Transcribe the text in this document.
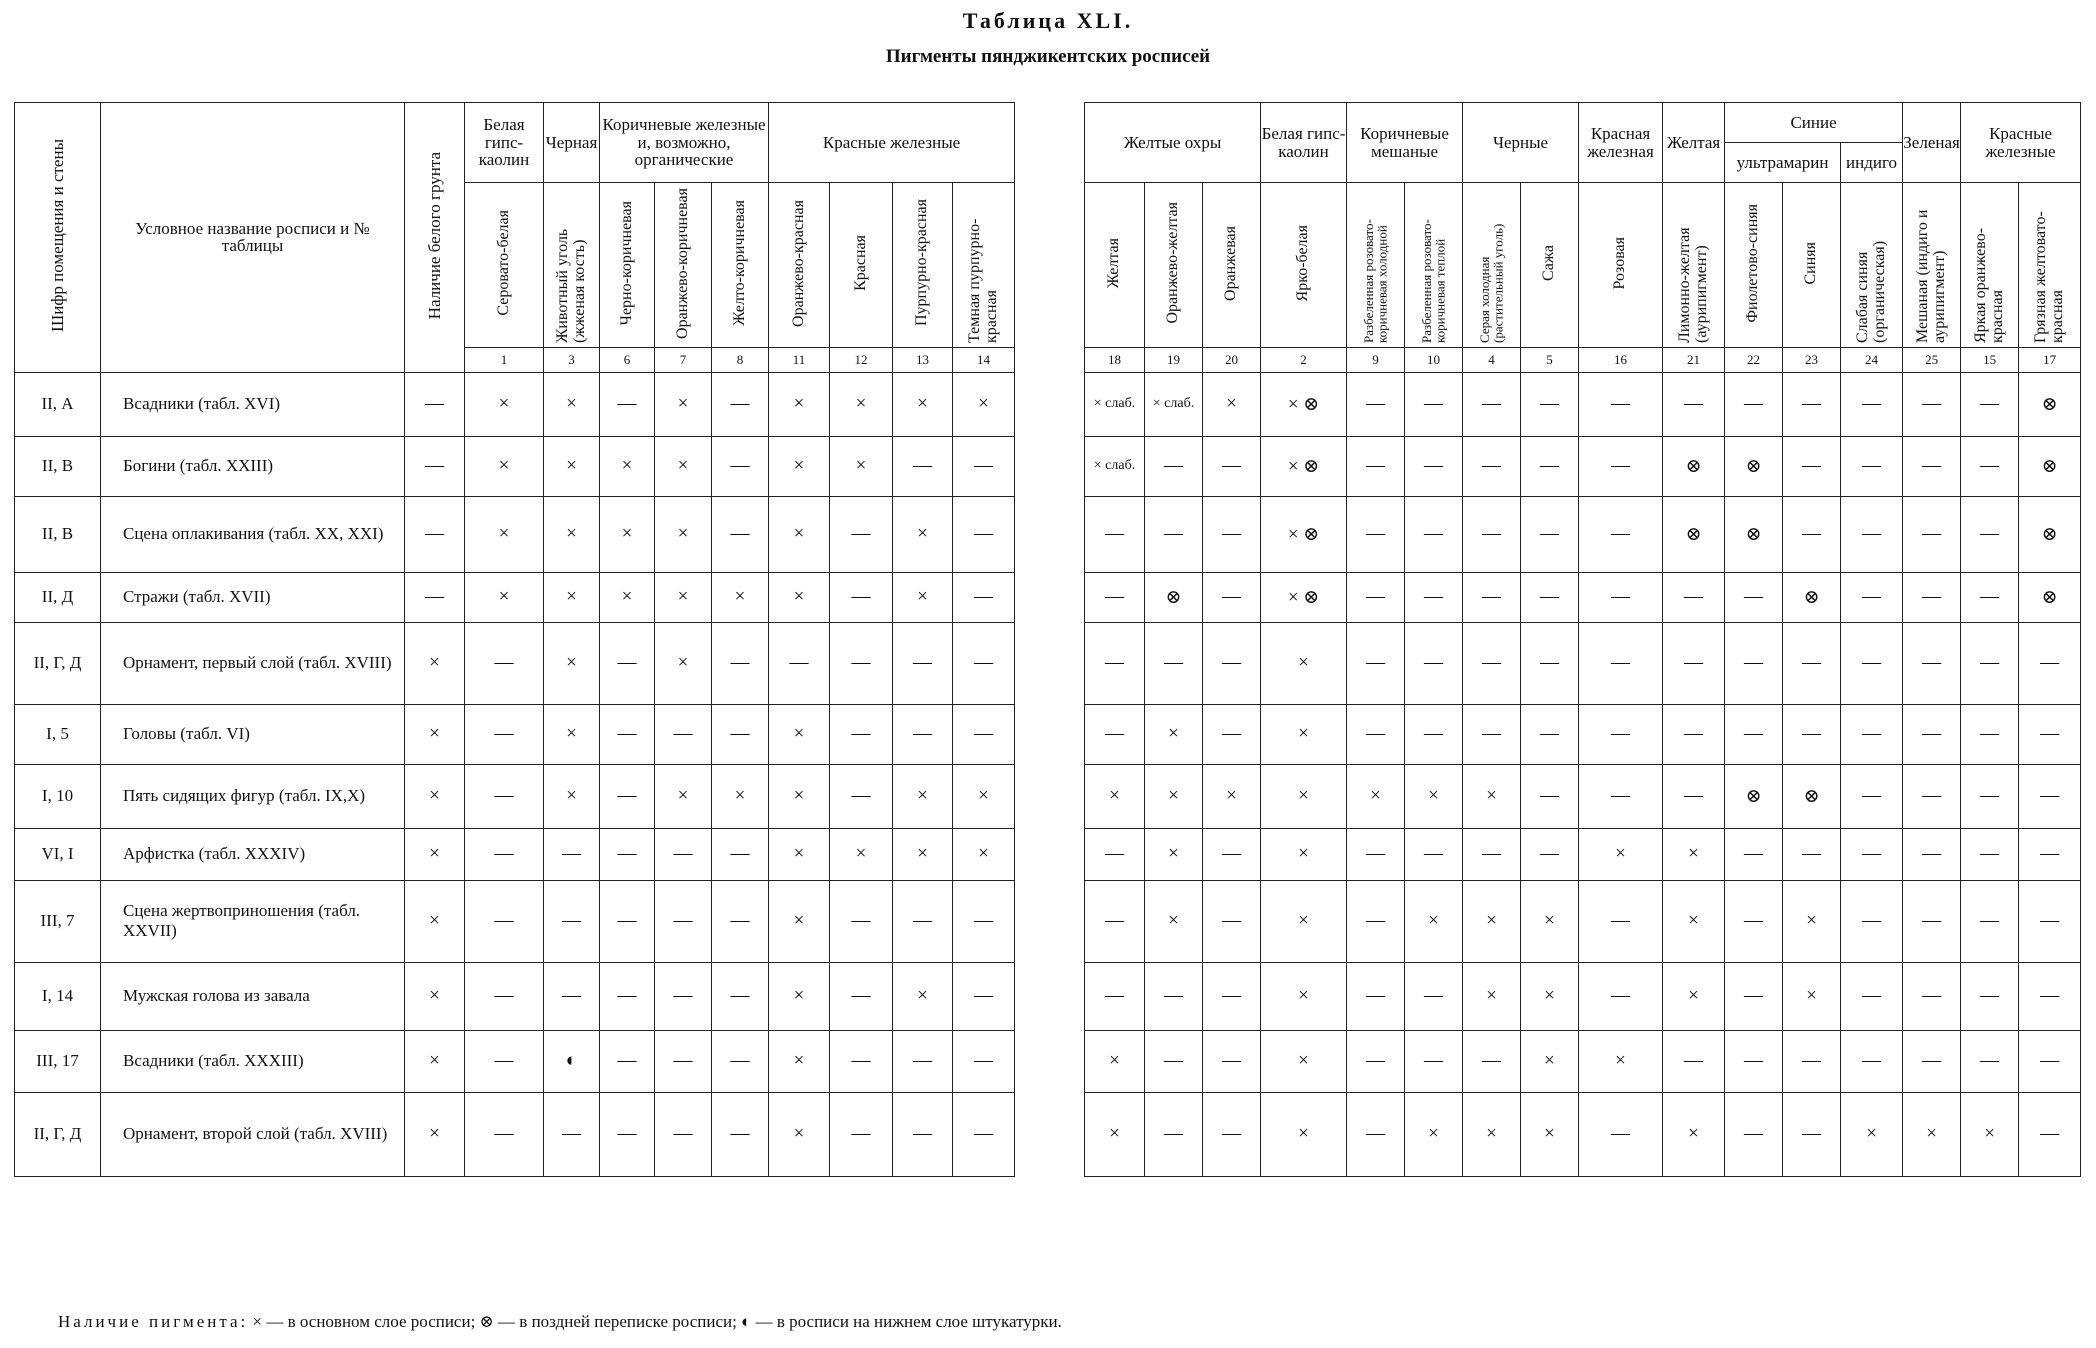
Таблица XLI.
Пигменты пянджикентских росписей
Шифр помещения и стены	Условное название росписи и № таблицы	Наличие белого грунта	Белая гипс-каолин	Черная	Коричневые железные и, возможно, органические			Красные железные			
			Серовато-белая	Животный уголь (жженая кость)	Черно-коричневая	Оранжево-коричневая	Желто-коричневая	Оранжево-красная	Красная	Пурпурно-красная	Темная пурпурно-красная
			1	3	6	7	8	11	12	13	14
II, А	Всадники (табл. XVI)	—	×	×	—	×	—	×	×	×	×
II, В	Богини (табл. XXIII)	—	×	×	×	×	—	×	×	—	—
II, В	Сцена оплакивания (табл. XX, XXI)	—	×	×	×	×	—	×	—	×	—
II, Д	Стражи (табл. XVII)	—	×	×	×	×	×	×	—	×	—
II, Г, Д	Орнамент, первый слой (табл. XVIII)	×	—	×	—	×	—	—	—	—	—
I, 5	Головы (табл. VI)	×	—	×	—	—	—	×	—	—	—
I, 10	Пять сидящих фигур (табл. IX,X)	×	—	×	—	×	×	×	—	×	×
VI, I	Арфистка (табл. XXXIV)	×	—	—	—	—	—	×	×	×	×
III, 7	Сцена жертвоприношения (табл. XXVII)	×	—	—	—	—	—	×	—	—	—
I, 14	Мужская голова из завала	×	—	—	—	—	—	×	—	×	—
III, 17	Всадники (табл. XXXIII)	×	—	◐	—	—	—	×	—	—	—
II, Г, Д	Орнамент, второй слой (табл. XVIII)	×	—	—	—	—	—	×	—	—	—
Желтые охры			Белая гипс-каолин	Коричневые мешаные		Черные		Красная железная	Желтая	Синие			Зеленая	Красные железные	
										ультрамарин		индиго			
Желтая	Оранжево-желтая	Оранжевая	Ярко-белая	Разбеленная розовато-коричневая холодной	Разбеленная розовато-коричневая теплой	Серая холодная (растительный уголь)	Сажа	Розовая	Лимонно-желтая (аурипигмент)	Фиолетово-синяя	Синяя	Слабая синяя (органическая)	Мешаная (индиго и аурипигмент)	Яркая оранжево-красная	Грязная желтовато-красная
18	19	20	2	9	10	4	5	16	21	22	23	24	25	15	17
× слаб.	× слаб.	×	× ⊗	—	—	—	—	—	—	—	—	—	—	—	⊗
× слаб.	—	—	× ⊗	—	—	—	—	—	⊗	⊗	—	—	—	—	⊗
—	—	—	× ⊗	—	—	—	—	—	⊗	⊗	—	—	—	—	⊗
—	⊗	—	× ⊗	—	—	—	—	—	—	—	⊗	—	—	—	⊗
—	—	—	×	—	—	—	—	—	—	—	—	—	—	—	—
—	×	—	×	—	—	—	—	—	—	—	—	—	—	—	—
×	×	×	×	×	×	×	—	—	—	⊗	⊗	—	—	—	—
—	×	—	×	—	—	—	—	×	×	—	—	—	—	—	—
—	×	—	×	—	×	×	×	—	×	—	×	—	—	—	—
—	—	—	×	—	—	×	×	—	×	—	×	—	—	—	—
×	—	—	×	—	—	—	×	×	—	—	—	—	—	—	—
×	—	—	×	—	×	×	×	—	×	—	—	×	×	×	—
Наличие пигмента: × — в основном слое росписи; ⊗ — в поздней переписке росписи; ◐ — в росписи на нижнем слое штукатурки.
